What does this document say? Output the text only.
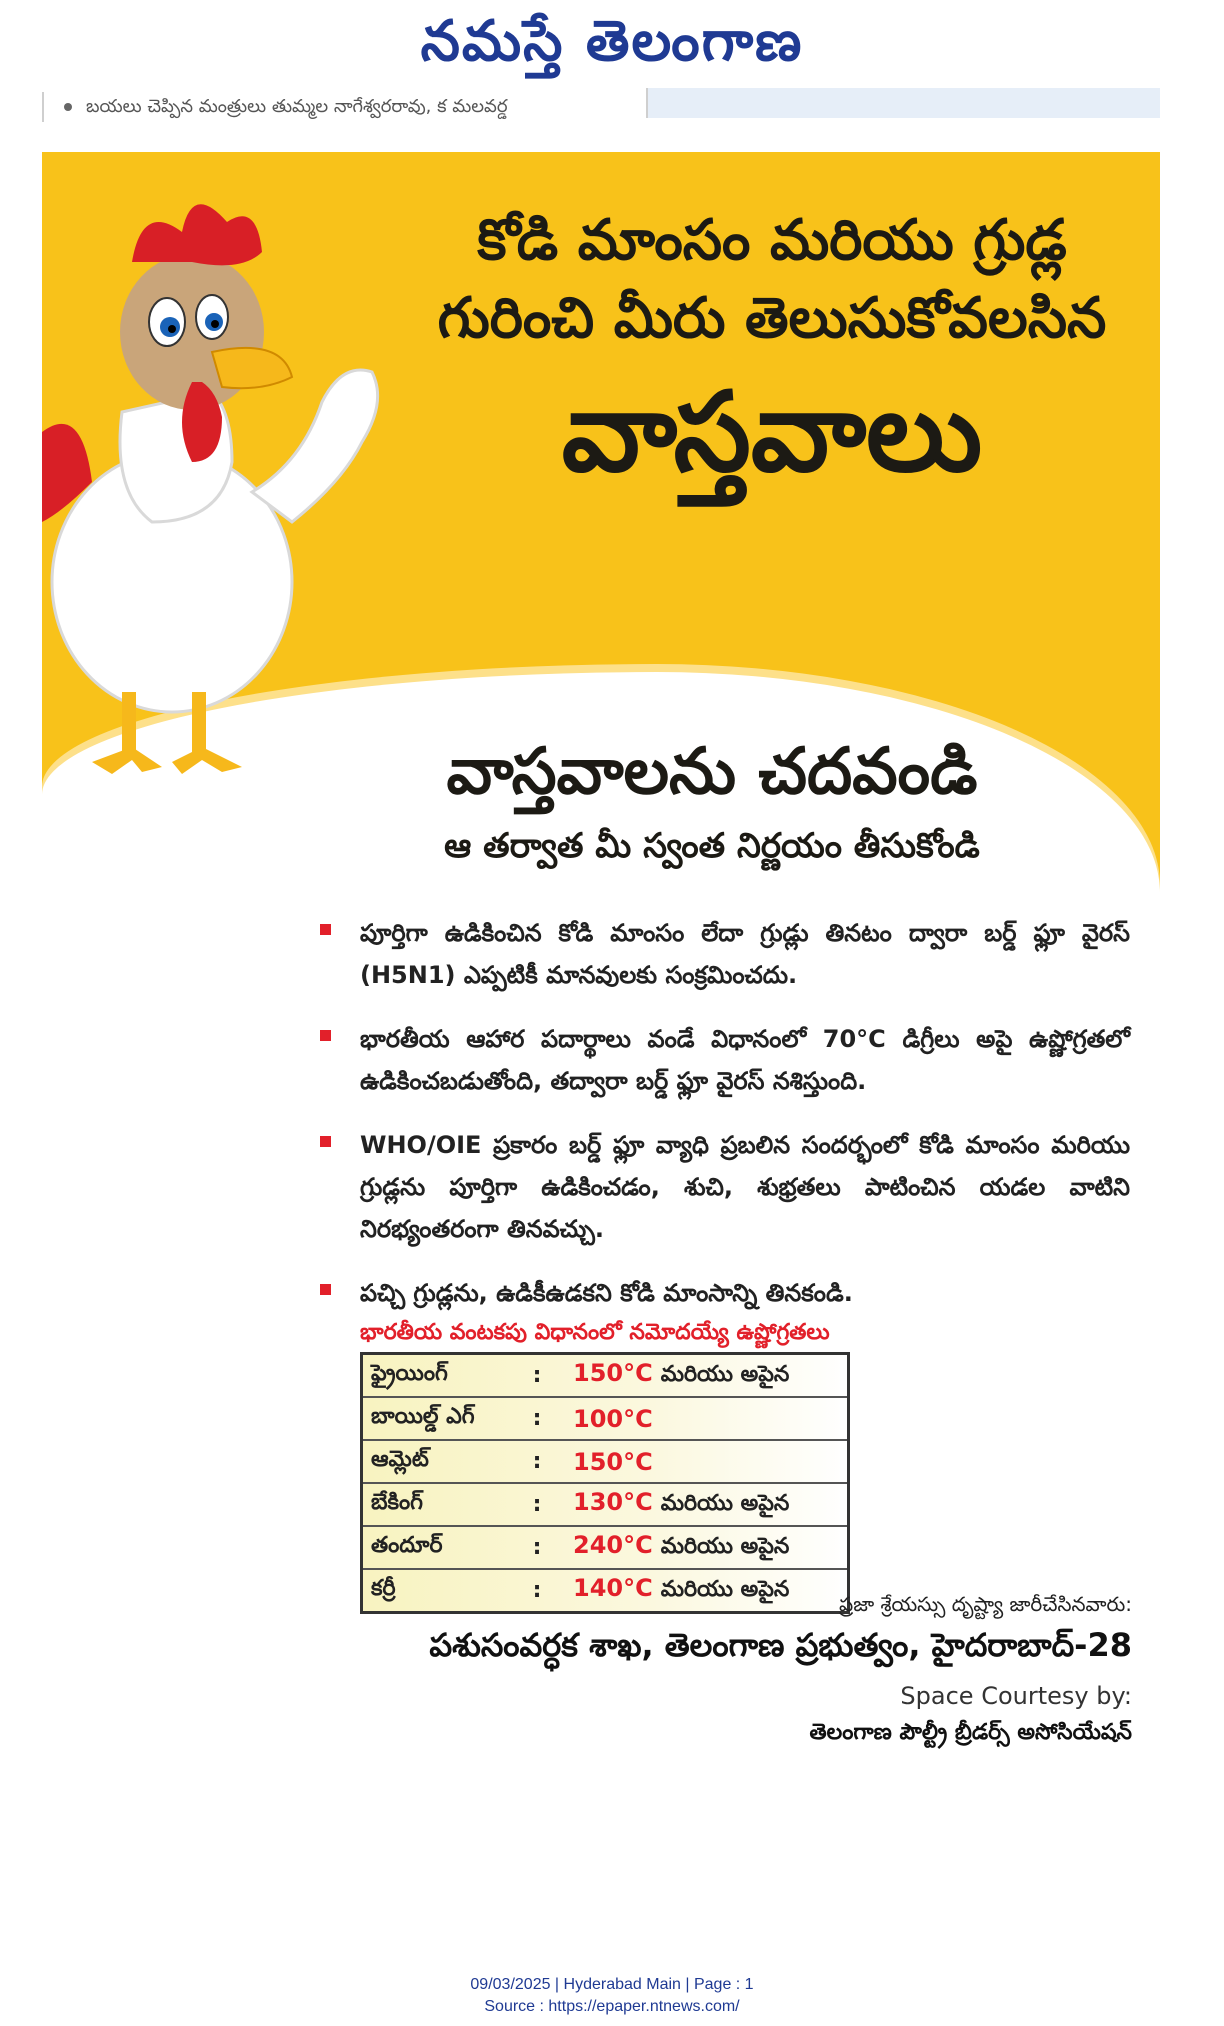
నమస్తే తెలంగాణ
బయలు చెప్పిన మంత్రులు తుమ్మల నాగేశ్వరరావు, క మలవర్డ
కోడి మాంసం మరియు గ్రుడ్ల
గురించి మీరు తెలుసుకోవలసిన
వాస్తవాలు
వాస్తవాలను చదవండి
ఆ తర్వాత మీ స్వంత నిర్ణయం తీసుకోండి
పూర్తిగా ఉడికించిన కోడి మాంసం లేదా గ్రుడ్లు తినటం ద్వారా బర్డ్ ఫ్లూ వైరస్ (H5N1) ఎప్పటికీ మానవులకు సంక్రమించదు.
భారతీయ ఆహార పదార్థాలు వండే విధానంలో 70°C డిగ్రీలు అపై ఉష్ణోగ్రతలో ఉడికించబడుతోంది, తద్వారా బర్డ్ ఫ్లూ వైరస్ నశిస్తుంది.
WHO/OIE ప్రకారం బర్డ్ ఫ్లూ వ్యాధి ప్రబలిన సందర్భంలో కోడి మాంసం మరియు గ్రుడ్లను పూర్తిగా ఉడికించడం, శుచి, శుభ్రతలు పాటించిన యడల వాటిని నిరభ్యంతరంగా తినవచ్చు.
పచ్చి గ్రుడ్లను, ఉడికీఉడకని కోడి మాంసాన్ని తినకండి.
భారతీయ వంటకపు విధానంలో నమోదయ్యే ఉష్ణోగ్రతలు
ఫ్రైయింగ్	:	150°C మరియు అపైన
బాయిల్డ్ ఎగ్	:	100°C
ఆమ్లెట్	:	150°C
బేకింగ్	:	130°C మరియు అపైన
తందూర్	:	240°C మరియు అపైన
కర్రీ	:	140°C మరియు అపైన
ప్రజా శ్రేయస్సు దృష్ట్యా జారీచేసినవారు:
పశుసంవర్ధక శాఖ, తెలంగాణ ప్రభుత్వం, హైదరాబాద్-28
Space Courtesy by:
తెలంగాణ పౌల్ట్రీ బ్రీడర్స్ అసోసియేషన్
09/03/2025 | Hyderabad Main | Page : 1
Source : https://epaper.ntnews.com/
